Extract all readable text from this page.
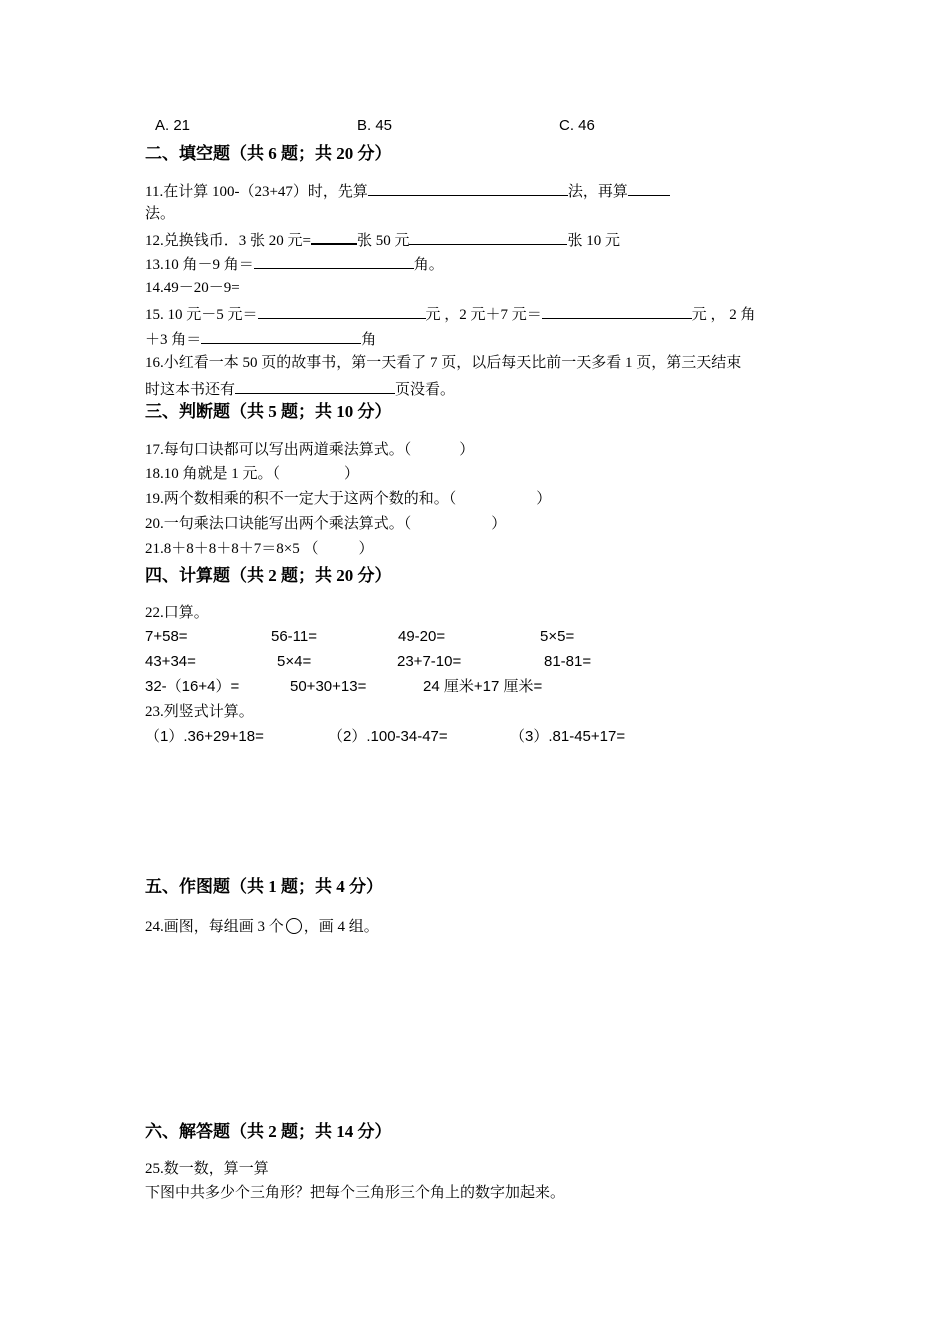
A. 21	B. 45	C. 46
二、填空题（共 6 题；共 20 分）
11.在计算 100-（23+47）时，先算	法，再算
法。
12.兑换钱币．3 张 20 元=	张 50 元	张 10 元
13.10 角－9 角＝	角。
14.49－20－9=
15. 10 元－5 元＝	元 ，2 元＋7 元＝	元 ， 2 角
＋3 角＝	角
16.小红看一本 50 页的故事书，第一天看了 7 页，以后每天比前一天多看 1 页，第三天结束
时这本书还有	页没看。
三、判断题（共 5 题；共 10 分）
17.每句口诀都可以写出两道乘法算式。（	）
18.10 角就是 1 元。（	）
19.两个数相乘的积不一定大于这两个数的和。（	）
20.一句乘法口诀能写出两个乘法算式。（	）
21.8＋8＋8＋8＋7＝8×5 （	）
四、计算题（共 2 题；共 20 分）
22.口算。
7+58=	56-11=	49-20=	5×5=
43+34=	5×4=	23+7-10=	81-81=
32-（16+4）=	50+30+13=	24 厘米+17 厘米=
23.列竖式计算。
（1）.36+29+18=	（2）.100-34-47=	（3）.81-45+17=
五、作图题（共 1 题；共 4 分）
24.画图，每组画 3 个 ，画 4 组。
六、解答题（共 2 题；共 14 分）
25.数一数，算一算
下图中共多少个三角形？把每个三角形三个角上的数字加起来。
